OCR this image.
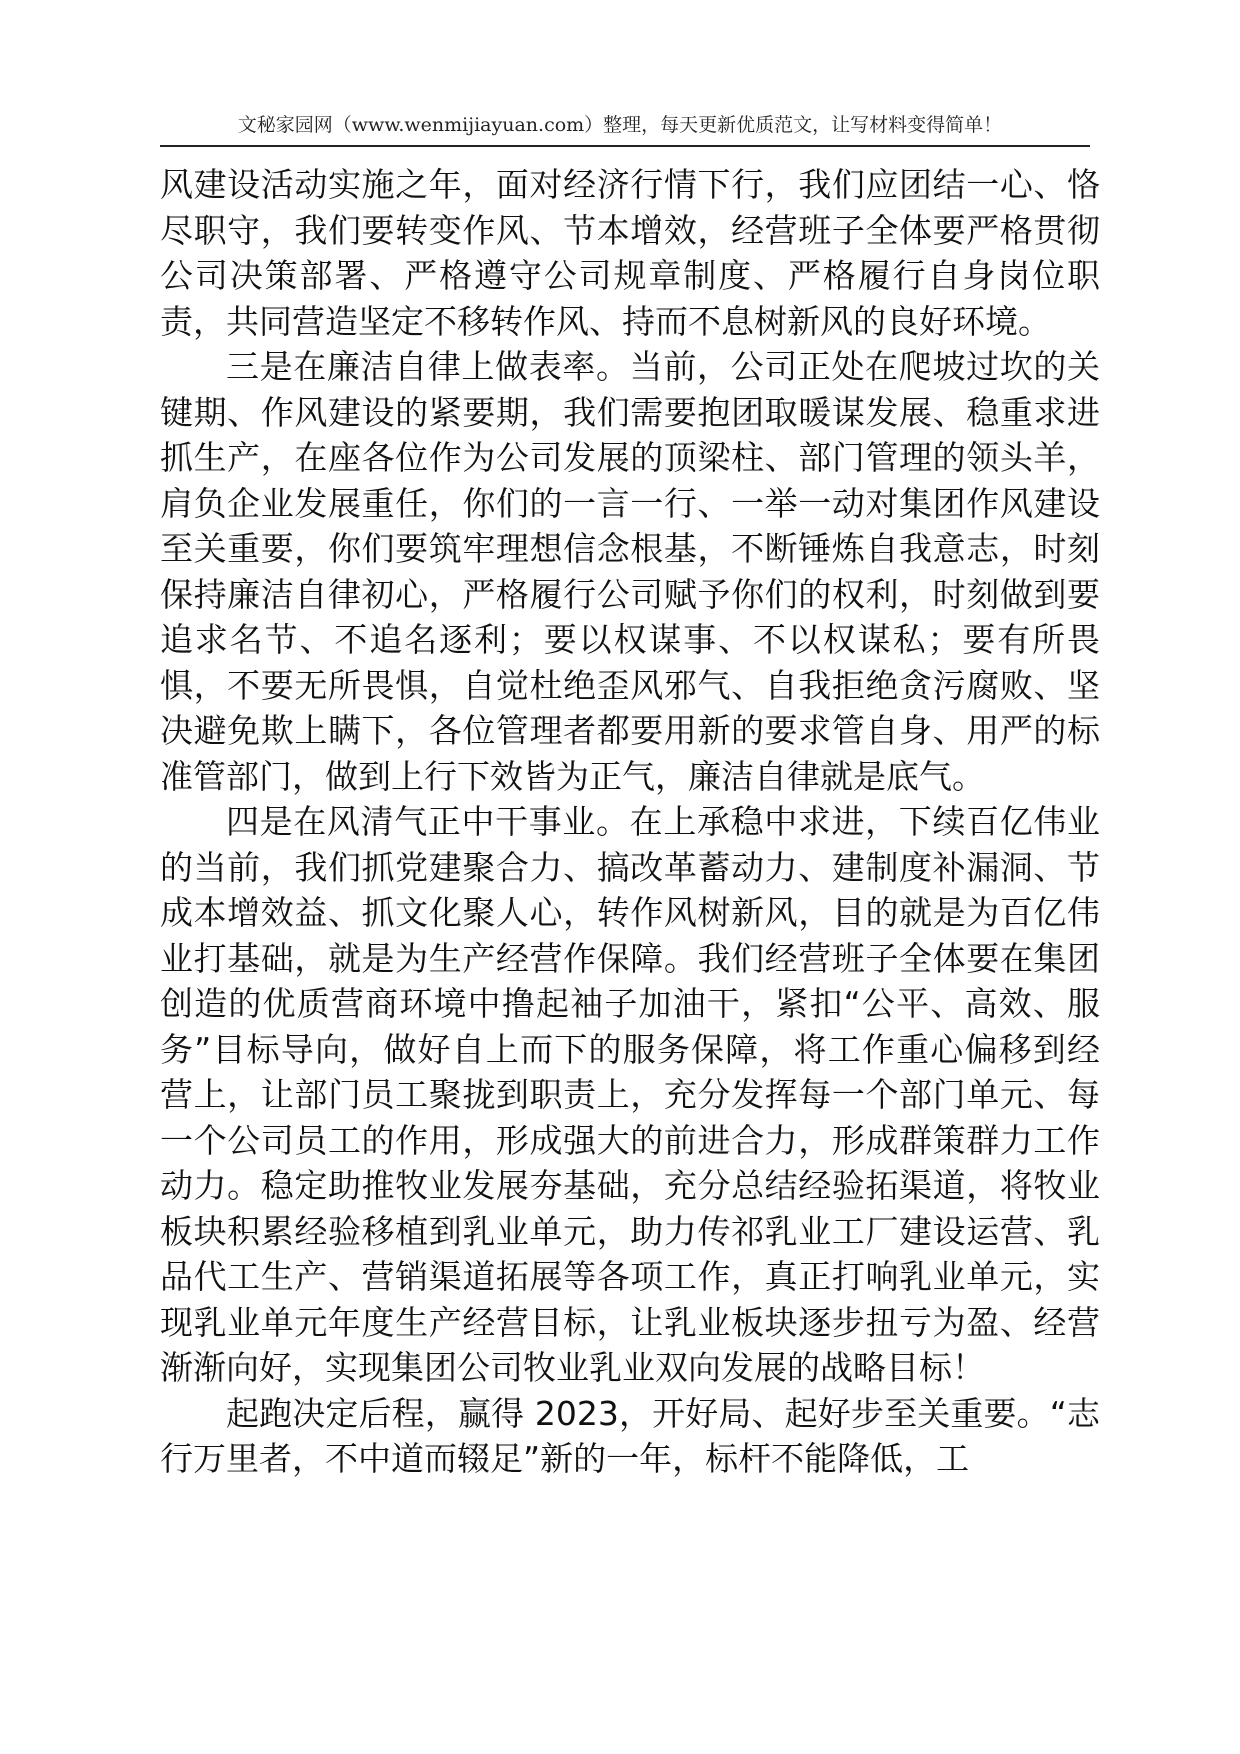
文秘家园网（www.wenmijiayuan.com）整理，每天更新优质范文，让写材料变得简单！

风建设活动实施之年，面对经济行情下行，我们应团结一心、恪尽职守，我们要转变作风、节本增效，经营班子全体要严格贯彻公司决策部署、严格遵守公司规章制度、严格履行自身岗位职责，共同营造坚定不移转作风、持而不息树新风的良好环境。

三是在廉洁自律上做表率。当前，公司正处在爬坡过坎的关键期、作风建设的紧要期，我们需要抱团取暖谋发展、稳重求进抓生产，在座各位作为公司发展的顶梁柱、部门管理的领头羊，肩负企业发展重任，你们的一言一行、一举一动对集团作风建设至关重要，你们要筑牢理想信念根基，不断锤炼自我意志，时刻保持廉洁自律初心，严格履行公司赋予你们的权利，时刻做到要追求名节、不追名逐利；要以权谋事、不以权谋私；要有所畏惧，不要无所畏惧，自觉杜绝歪风邪气、自我拒绝贪污腐败、坚决避免欺上瞒下，各位管理者都要用新的要求管自身、用严的标准管部门，做到上行下效皆为正气，廉洁自律就是底气。

四是在风清气正中干事业。在上承稳中求进，下续百亿伟业的当前，我们抓党建聚合力、搞改革蓄动力、建制度补漏洞、节成本增效益、抓文化聚人心，转作风树新风，目的就是为百亿伟业打基础，就是为生产经营作保障。我们经营班子全体要在集团创造的优质营商环境中撸起袖子加油干，紧扣“公平、高效、服务”目标导向，做好自上而下的服务保障，将工作重心偏移到经营上，让部门员工聚拢到职责上，充分发挥每一个部门单元、每一个公司员工的作用，形成强大的前进合力，形成群策群力工作动力。稳定助推牧业发展夯基础，充分总结经验拓渠道，将牧业板块积累经验移植到乳业单元，助力传祁乳业工厂建设运营、乳品代工生产、营销渠道拓展等各项工作，真正打响乳业单元，实现乳业单元年度生产经营目标，让乳业板块逐步扭亏为盈、经营渐渐向好，实现集团公司牧业乳业双向发展的战略目标！

起跑决定后程，赢得 2023，开好局、起好步至关重要。“志行万里者，不中道而辍足”新的一年，标杆不能降低，工
